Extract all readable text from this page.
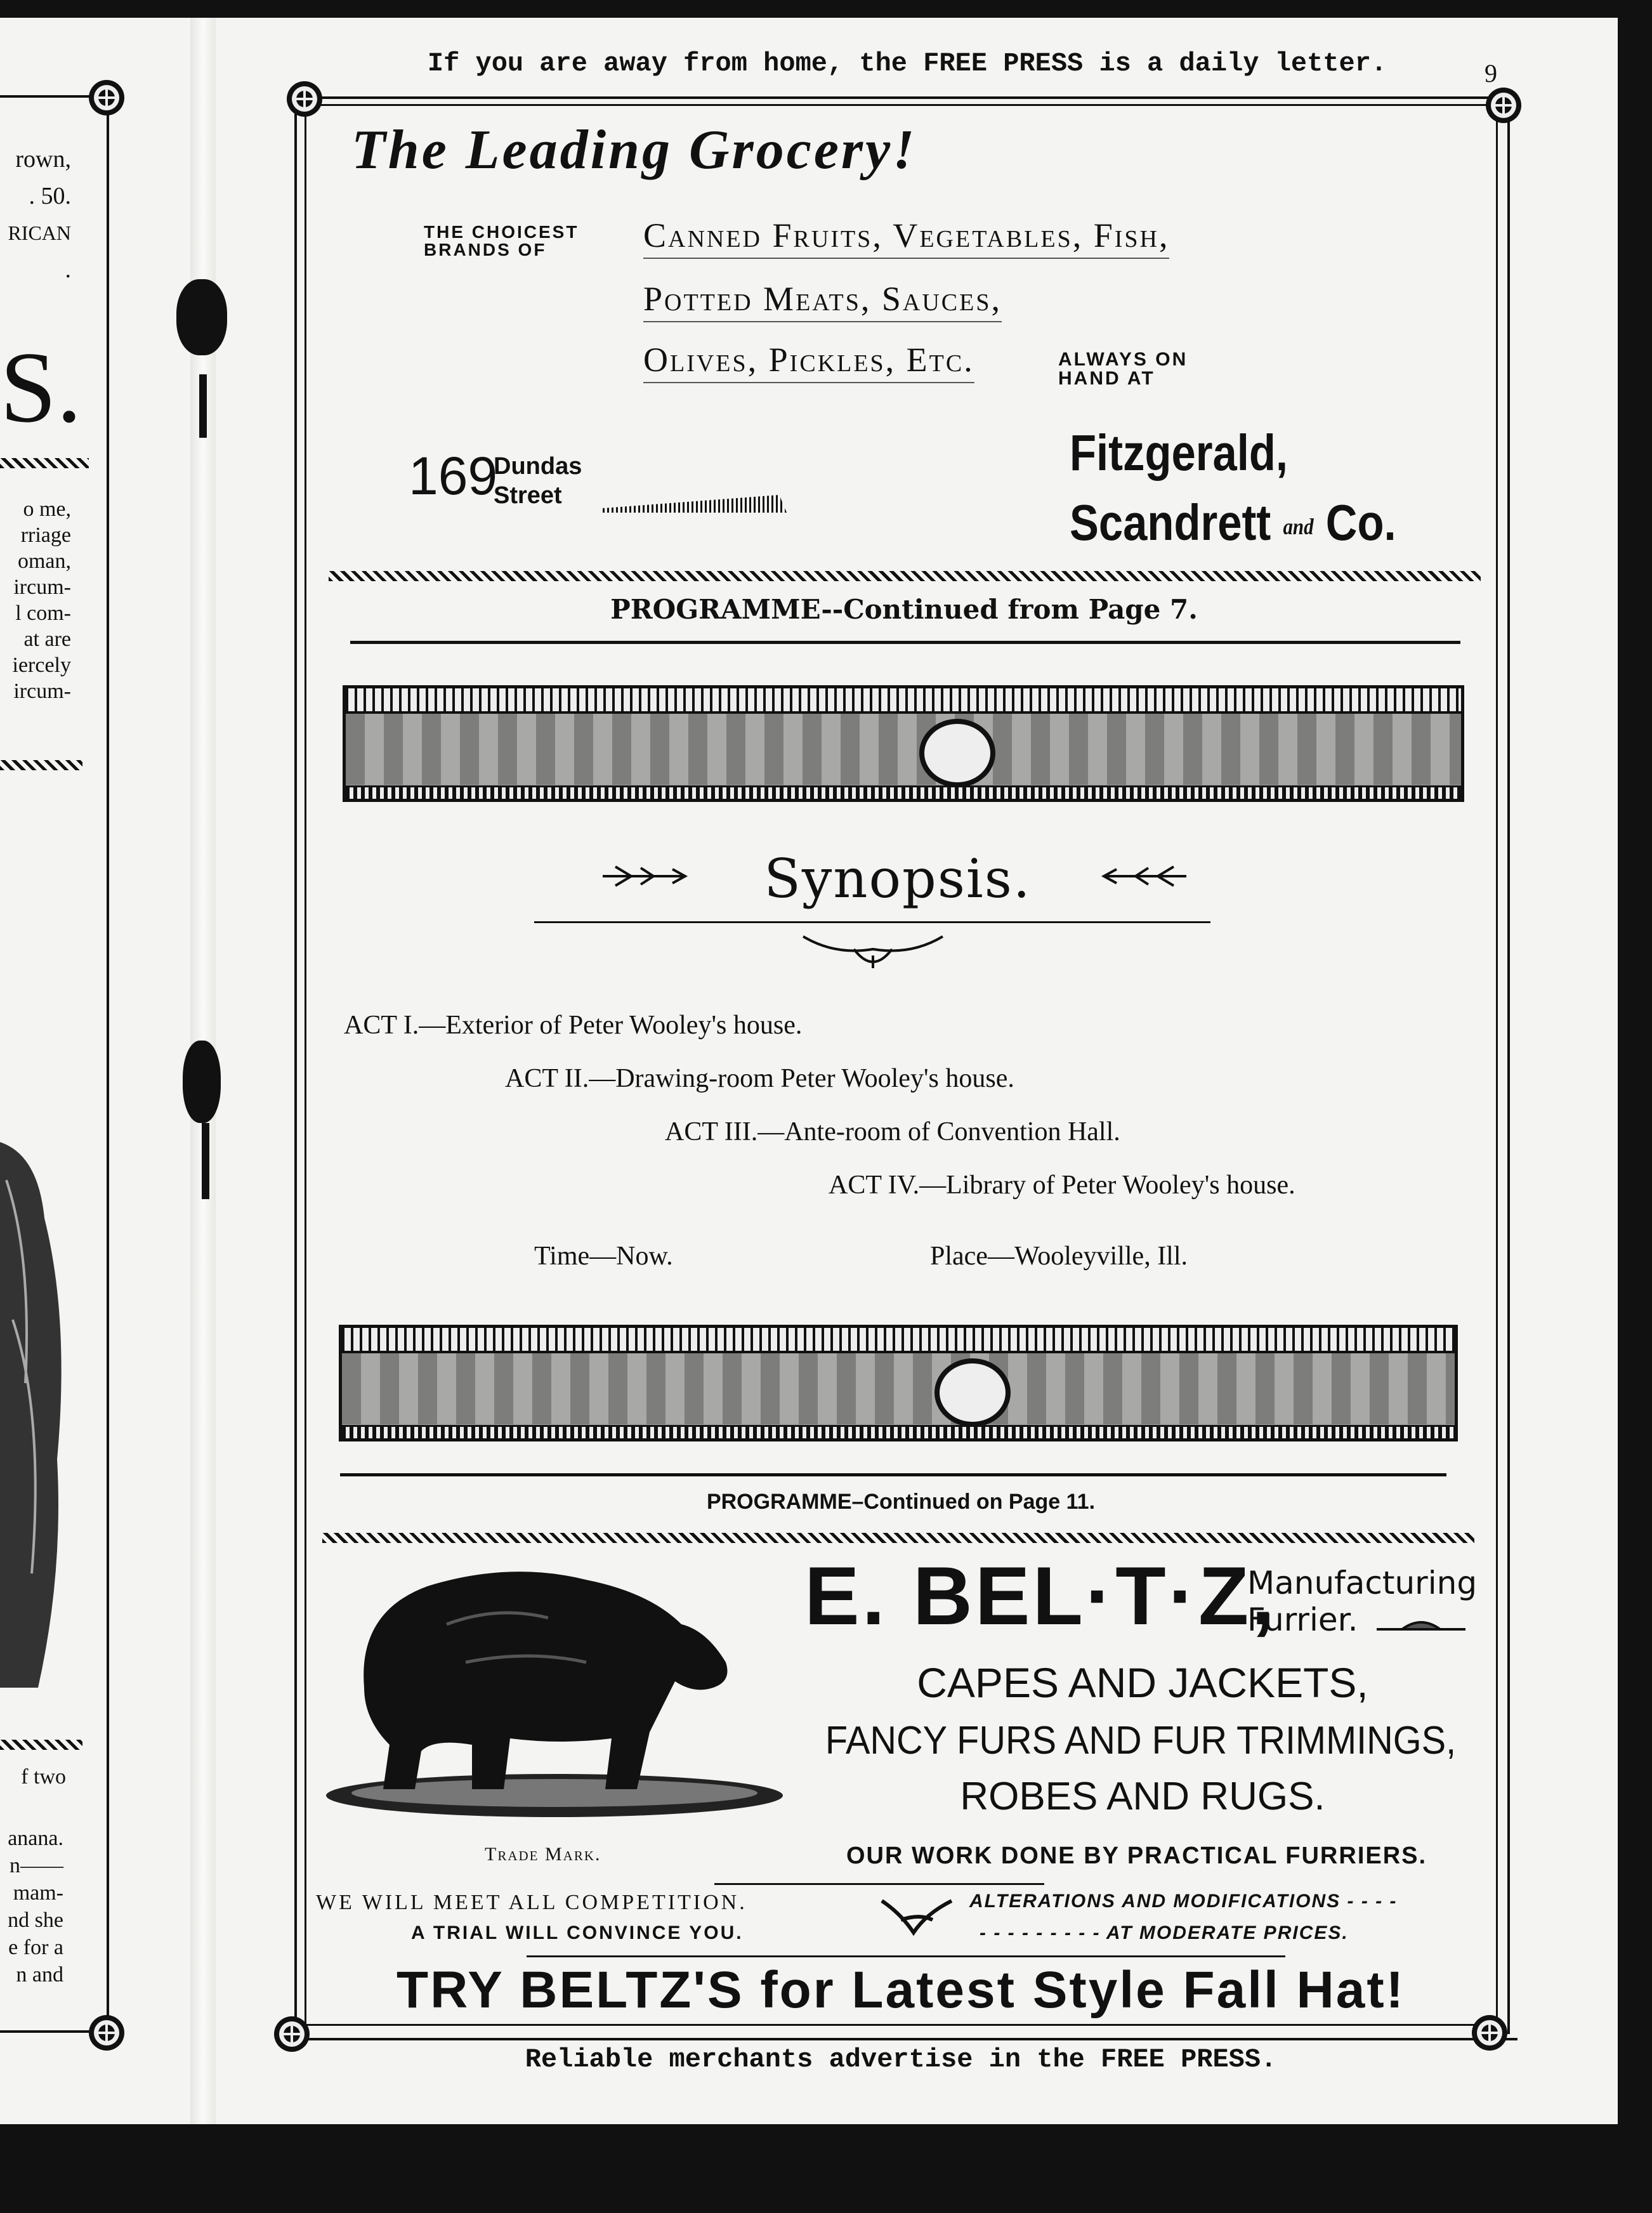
rown,
. 50.
RICAN
.
S.
o me,
rriage
oman,
ircum-
l com-
at are
iercely
ircum-
f two
anana.
n——
mam-
nd she
e for a
n and
If you are away from home, the FREE PRESS is a daily letter.	9
The Leading Grocery!
THE CHOICEST
BRANDS OF	Canned Fruits, Vegetables, Fish,
Potted Meats, Sauces,
Olives, Pickles, Etc.	ALWAYS ON
HAND AT
169
Dundas
Street
Fitzgerald,
Scandrett and Co.
PROGRAMME--Continued from Page 7.
Synopsis.
ACT I.—Exterior of Peter Wooley's house.
ACT II.—Drawing-room Peter Wooley's house.
ACT III.—Ante-room of Convention Hall.
ACT IV.—Library of Peter Wooley's house.
Time—Now.	Place—Wooleyville, Ill.
PROGRAMME–Continued on Page 11.
Trade Mark.
E. BEL·T·Z,
Manufacturing
Furrier.
CAPES AND JACKETS,
FANCY FURS AND FUR TRIMMINGS,
ROBES AND RUGS.
OUR WORK DONE BY PRACTICAL FURRIERS.
WE WILL MEET ALL COMPETITION.
A TRIAL WILL CONVINCE YOU.
ALTERATIONS AND MODIFICATIONS - - - -
- - - - - - - - - AT MODERATE PRICES.
TRY BELTZ'S for Latest Style Fall Hat!
Reliable merchants advertise in the FREE PRESS.
